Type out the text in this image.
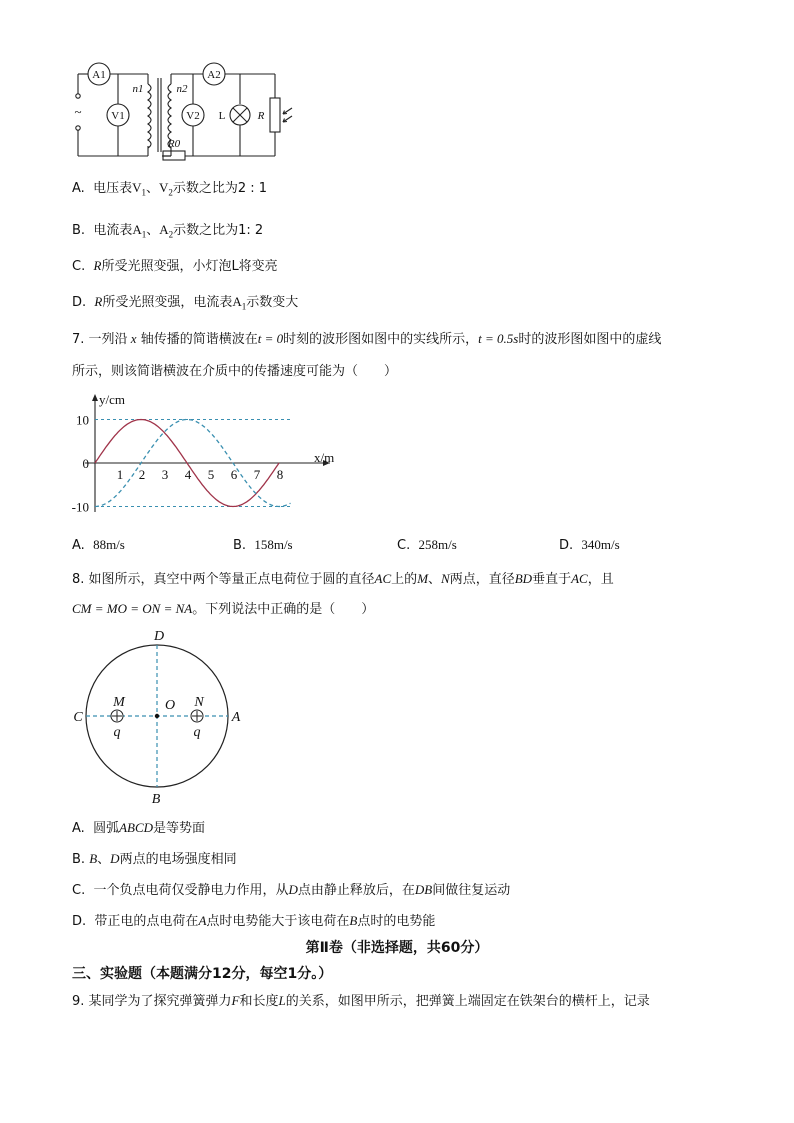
A1
V1
A2
V2
n1	n2
R0
L	R
~
A. 电压表$V_1$、$V_2$示数之比为2 : 1
B. 电流表$A_1$、$A_2$示数之比为1: 2
C. R所受光照变强，小灯泡L将变亮
D. R所受光照变强，电流表$A_1$示数变大
7. 一列沿 x 轴传播的简谐横波在t = 0时刻的波形图如图中的实线所示，t = 0.5s时的波形图如图中的虚线
所示，则该简谐横波在介质中的传播速度可能为（　　）
1 2 3 4 5 6 7 8
10
0
-10
y/cm
x/m
A. 88m/s	B. 158m/s	C. 258m/s	D. 340m/s
8. 如图所示，真空中两个等量正点电荷位于圆的直径AC上的M、N两点，直径BD垂直于AC，且
CM = MO = ON = NA。下列说法中正确的是（　　）
D
B
C	A
O
M	N
q	q
A. 圆弧ABCD是等势面
B. B、D两点的电场强度相同
C. 一个负点电荷仅受静电力作用，从D点由静止释放后，在DB间做往复运动
D. 带正电的点电荷在A点时电势能大于该电荷在B点时的电势能
第Ⅱ卷（非选择题，共60分）
三、实验题（本题满分12分，每空1分。）
9. 某同学为了探究弹簧弹力F和长度L的关系，如图甲所示，把弹簧上端固定在铁架台的横杆上，记录
